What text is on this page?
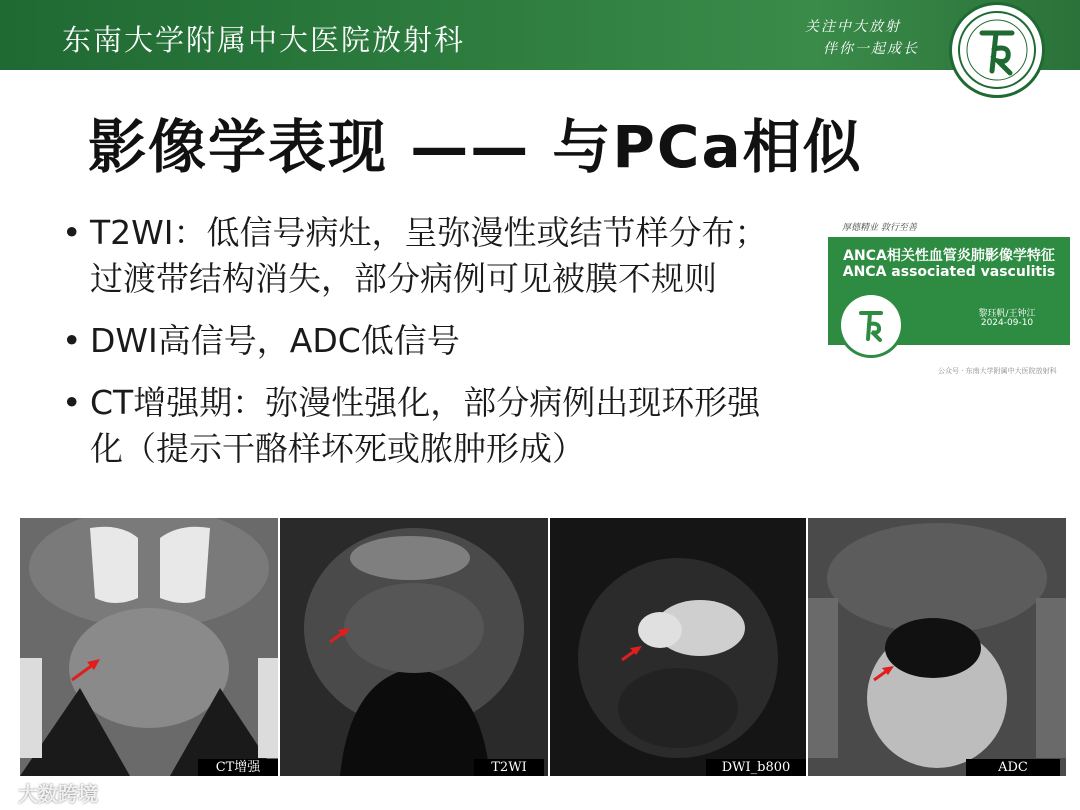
东南大学附属中大医院放射科	关注中大放射
伴你一起成长
影像学表现 —— 与PCa相似
• T2WI：低信号病灶，呈弥漫性或结节样分布；
过渡带结构消失，部分病例可见被膜不规则
• DWI高信号，ADC低信号
• CT增强期：弥漫性强化，部分病例出现环形强
化（提示干酪样坏死或脓肿形成）
厚德精业 敦行至善
ANCA相关性血管炎肺影像学特征
ANCA associated vasculitis
黎珏帆/王钟江
2024-09-10
公众号 · 东南大学附属中大医院放射科
CT增强	T2WI	DWI_b800	ADC
大数跨境
